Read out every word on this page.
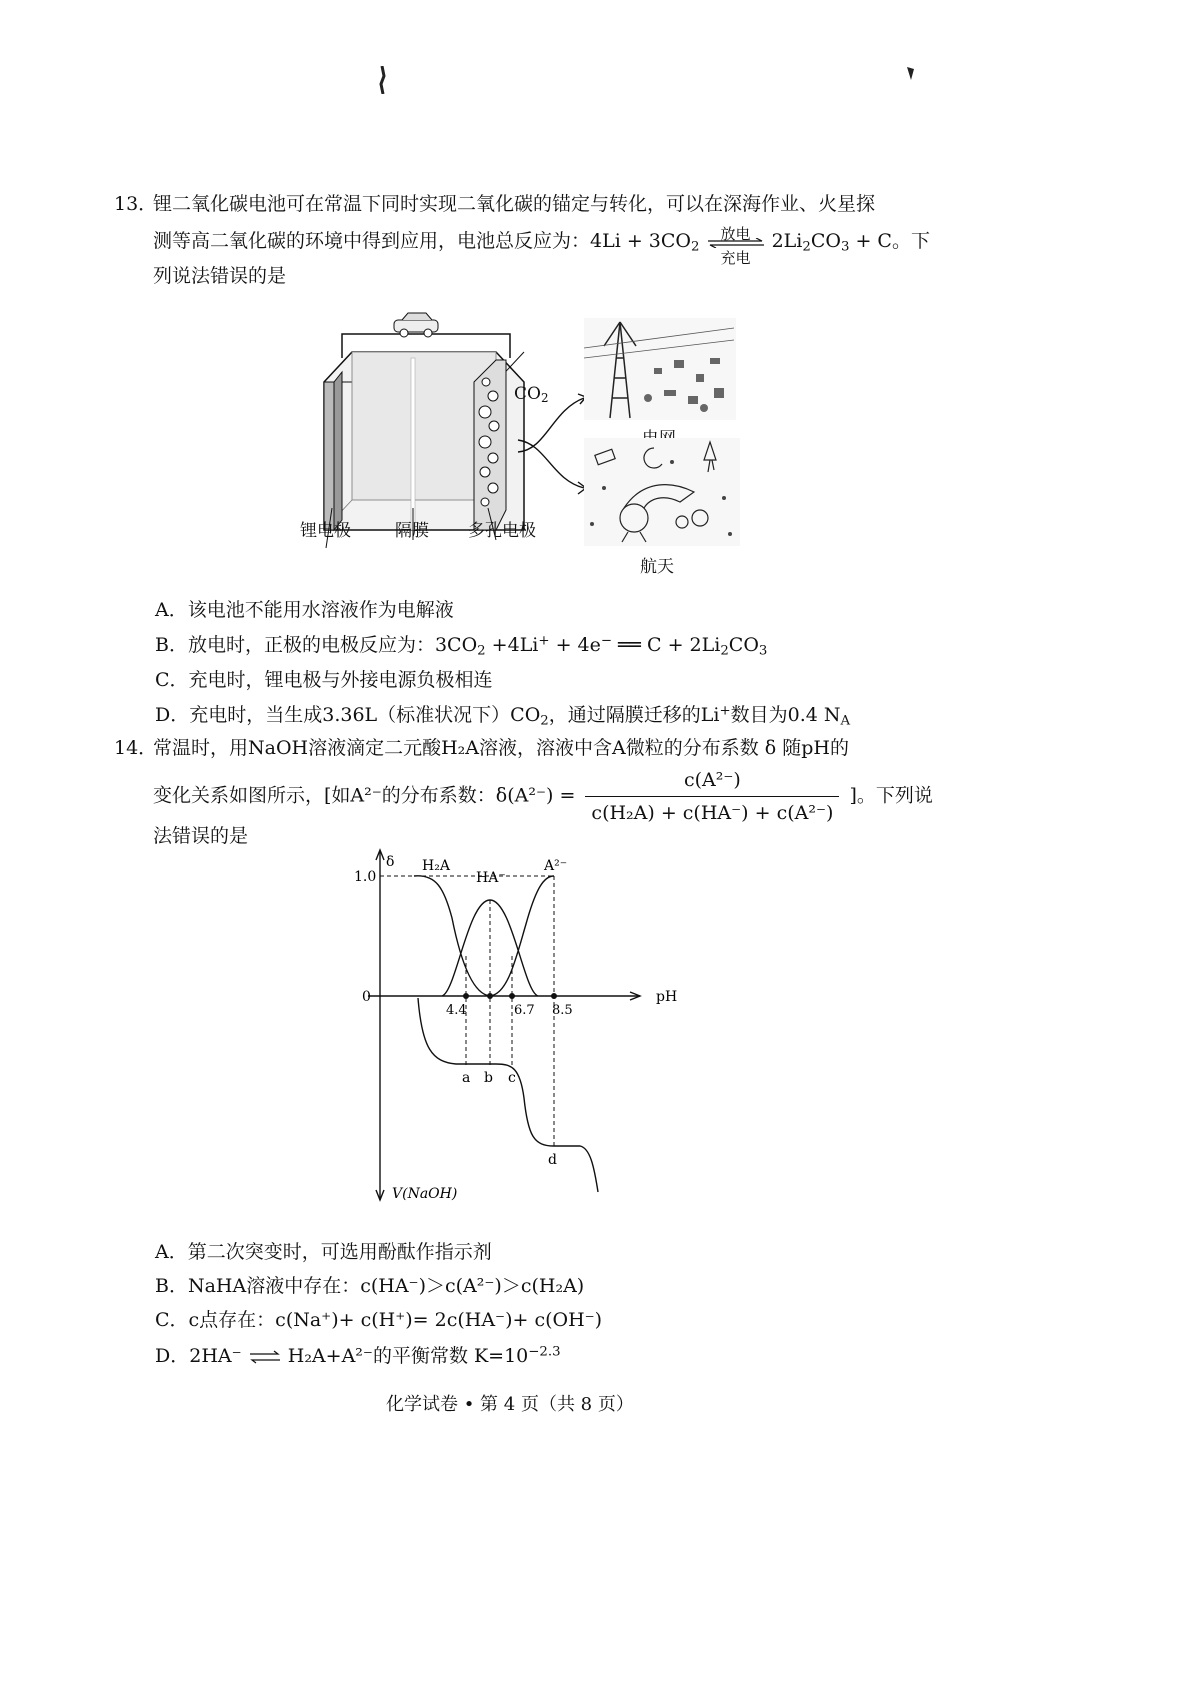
13．
锂二氧化碳电池可在常温下同时实现二氧化碳的锚定与转化，可以在深海作业、火星探
测等高二氧化碳的环境中得到应用，电池总反应为：$4Li + 3CO_2$
放电
充电
$2Li_2CO_3 + C$。下
列说法错误的是
$CO_2$
锂电极	隔膜 多孔电极
航天
A．该电池不能用水溶液作为电解液
B．放电时，正极的电极反应为：$3CO_2 +4Li^+ + 4e^-$ ══ $C + 2Li_2CO_3$
C．充电时，锂电极与外接电源负极相连
D．充电时，当生成3.36L（标准状况下）$CO_2$，通过隔膜迁移的Li+数目为0.4 $N_A$
14．
常温时，用NaOH溶液滴定二元酸H₂A溶液，溶液中含A微粒的分布系数 δ 随pH的
变化关系如图所示，[如A²⁻的分布系数：$\delta(A^{2-}) = \frac{\text{c(A²⁻)}}{\text{c(H₂A) + c(HA⁻) + c(A²⁻)}}$ ]。下列说
法错误的是
δ
1.0
0	pH
H₂A
HA⁻
A²⁻
4.4	6.7 8.5
a b c
d
V(NaOH)
A．第二次突变时，可选用酚酞作指示剂
B．NaHA溶液中存在：c(HA⁻)＞c(A²⁻)＞c(H₂A)
C．c点存在：c(Na⁺)+ c(H⁺)= 2c(HA⁻)+ c(OH⁻)
D．2HA⁻ ⇌ H₂A+A²⁻的平衡常数 $K=10^{-2.3}$
化学试卷 • 第 4 页（共 8 页）
